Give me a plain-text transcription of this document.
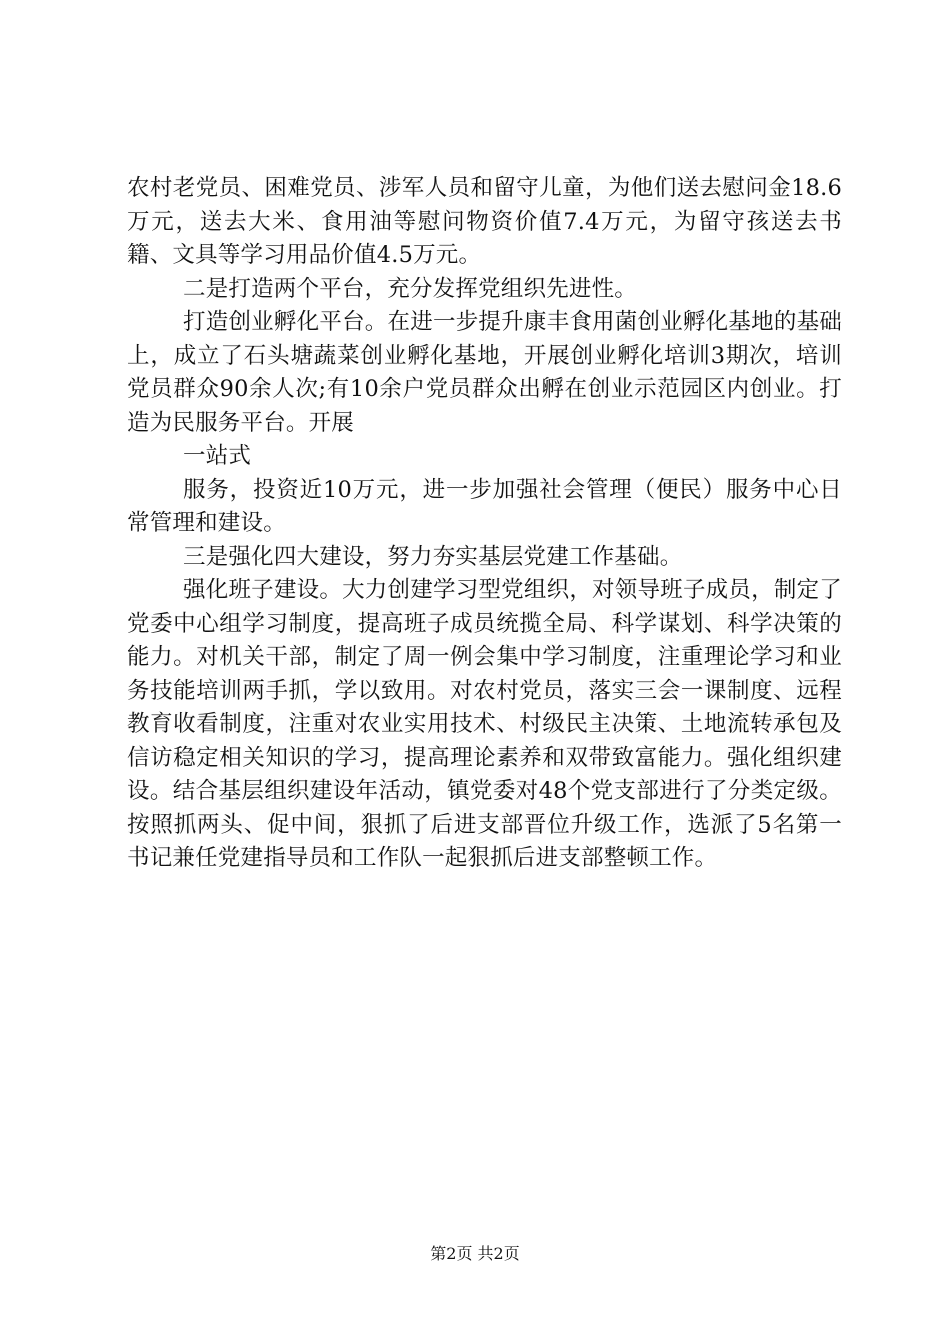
农村老党员、困难党员、涉军人员和留守儿童，为他们送去慰问金18.6万元，送去大米、食用油等慰问物资价值7.4万元，为留守孩送去书籍、文具等学习用品价值4.5万元。

二是打造两个平台，充分发挥党组织先进性。

打造创业孵化平台。在进一步提升康丰食用菌创业孵化基地的基础上，成立了石头塘蔬菜创业孵化基地，开展创业孵化培训3期次，培训党员群众90余人次;有10余户党员群众出孵在创业示范园区内创业。打造为民服务平台。开展

一站式

服务，投资近10万元，进一步加强社会管理（便民）服务中心日常管理和建设。

三是强化四大建设，努力夯实基层党建工作基础。

强化班子建设。大力创建学习型党组织，对领导班子成员，制定了党委中心组学习制度，提高班子成员统揽全局、科学谋划、科学决策的能力。对机关干部，制定了周一例会集中学习制度，注重理论学习和业务技能培训两手抓，学以致用。对农村党员，落实三会一课制度、远程教育收看制度，注重对农业实用技术、村级民主决策、土地流转承包及信访稳定相关知识的学习，提高理论素养和双带致富能力。强化组织建设。结合基层组织建设年活动，镇党委对48个党支部进行了分类定级。按照抓两头、促中间，狠抓了后进支部晋位升级工作，选派了5名第一书记兼任党建指导员和工作队一起狠抓后进支部整顿工作。

第2页 共2页
